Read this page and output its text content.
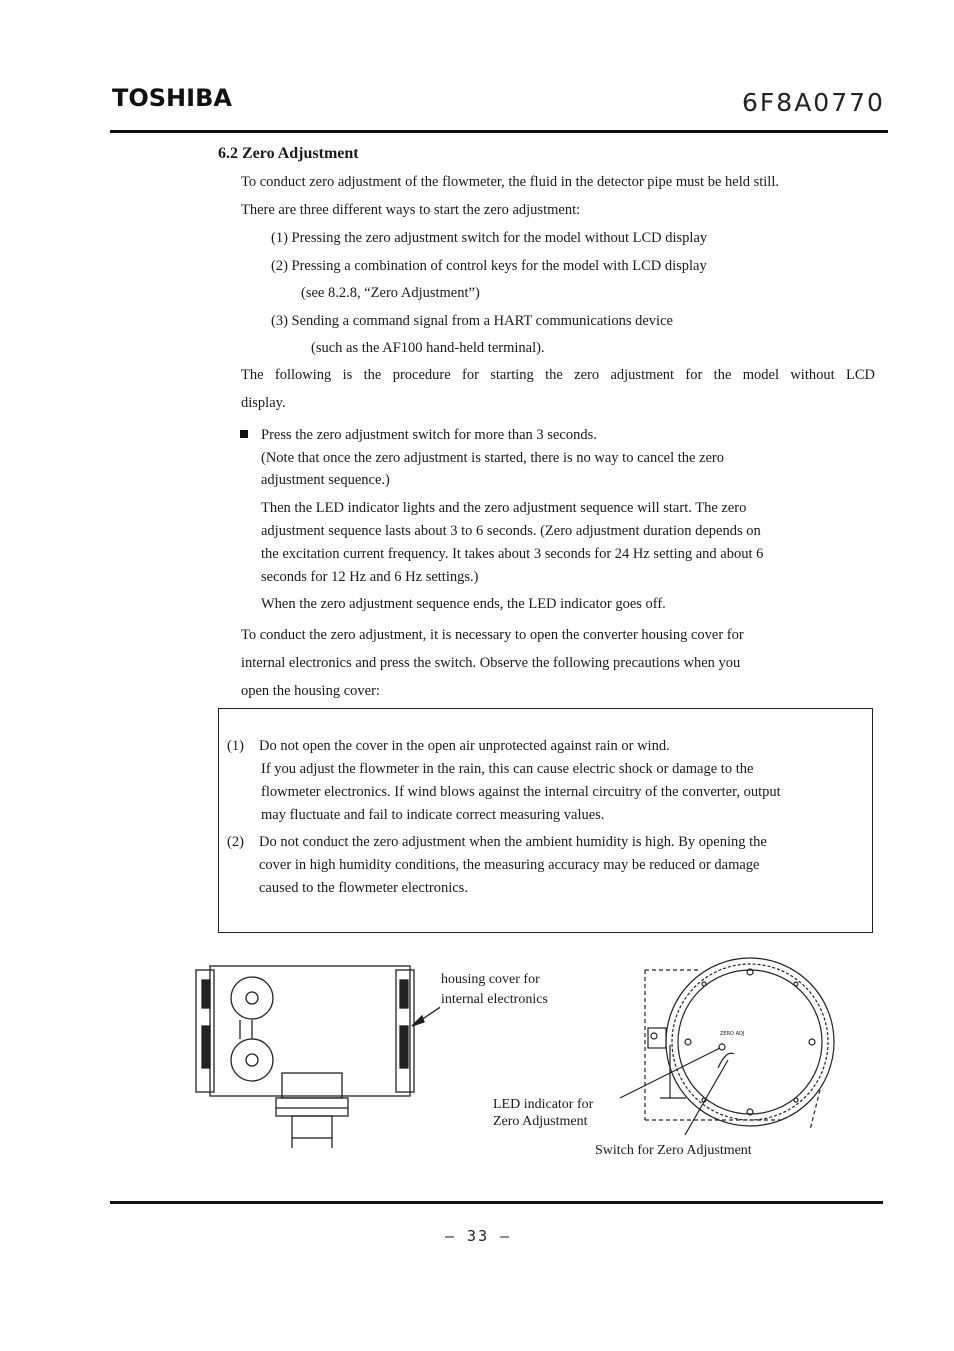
TOSHIBA	6F8A0770
6.2 Zero Adjustment
To conduct zero adjustment of the flowmeter, the fluid in the detector pipe must be held still.
There are three different ways to start the zero adjustment:
(1) Pressing the zero adjustment switch for the model without LCD display
(2) Pressing a combination of control keys for the model with LCD display
(see 8.2.8, “Zero Adjustment”)
(3) Sending a command signal from a HART communications device
(such as the AF100 hand-held terminal).
The following is the procedure for starting the zero adjustment for the model without LCD
display.
Press the zero adjustment switch for more than 3 seconds.
(Note that once the zero adjustment is started, there is no way to cancel the zero
adjustment sequence.)
Then the LED indicator lights and the zero adjustment sequence will start. The zero
adjustment sequence lasts about 3 to 6 seconds. (Zero adjustment duration depends on
the excitation current frequency. It takes about 3 seconds for 24 Hz setting and about 6
seconds for 12 Hz and 6 Hz settings.)
When the zero adjustment sequence ends, the LED indicator goes off.
To conduct the zero adjustment, it is necessary to open the converter housing cover for
internal electronics and press the switch. Observe the following precautions when you
open the housing cover:
(1) Do not open the cover in the open air unprotected against rain or wind.
If you adjust the flowmeter in the rain, this can cause electric shock or damage to the
flowmeter electronics. If wind blows against the internal circuitry of the converter, output
may fluctuate and fail to indicate correct measuring values.
(2) Do not conduct the zero adjustment when the ambient humidity is high. By opening the
cover in high humidity conditions, the measuring accuracy may be reduced or damage
caused to the flowmeter electronics.
housing cover for
internal electronics
ZERO ADJ
LED indicator for
Zero Adjustment
Switch for Zero Adjustment
— 33 —
